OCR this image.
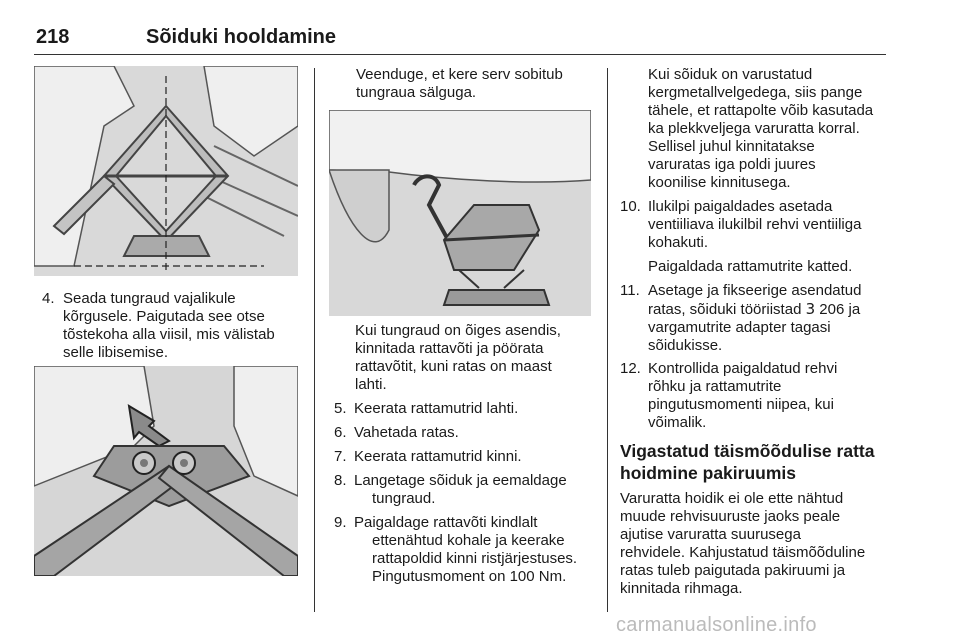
218	Sõiduki hooldamine
4. Seada tungraud vajalikule
kõrgusele. Paigutada see otse
tõstekoha alla viisil, mis välistab
selle libisemise.
Veenduge, et kere serv sobitub
tungraua sälguga.
Kui tungraud on õiges asendis,
kinnitada rattavõti ja pöörata
rattavõtit, kuni ratas on maast
lahti.
5. Keerata rattamutrid lahti.
6. Vahetada ratas.
7. Keerata rattamutrid kinni.
8. Langetage sõiduk ja eemaldage
tungraud.
9. Paigaldage rattavõti kindlalt
ettenähtud kohale ja keerake
rattapoldid kinni ristjärjestuses.
Pingutusmoment on 100 Nm.
Kui sõiduk on varustatud
kergmetallvelgedega, siis pange
tähele, et rattapolte võib kasutada
ka plekkveljega varuratta korral.
Sellisel juhul kinnitatakse
varuratas iga poldi juures
koonilise kinnitusega.
10. Ilukilpi paigaldades asetada
ventiiliava ilukilbil rehvi ventiiliga
kohakuti.
Paigaldada rattamutrite katted.
11. Asetage ja fikseerige asendatud
ratas, sõiduki tööriistad 3 206 ja
vargamutrite adapter tagasi
sõidukisse.
12. Kontrollida paigaldatud rehvi
rõhku ja rattamutrite
pingutusmomenti niipea, kui
võimalik.
Vigastatud täismõõdulise ratta
hoidmine pakiruumis
Varuratta hoidik ei ole ette nähtud
muude rehvisuuruste jaoks peale
ajutise varuratta suurusega
rehvidele. Kahjustatud täismõõduline
ratas tuleb paigutada pakiruumi ja
kinnitada rihmaga.
carmanualsonline.info
